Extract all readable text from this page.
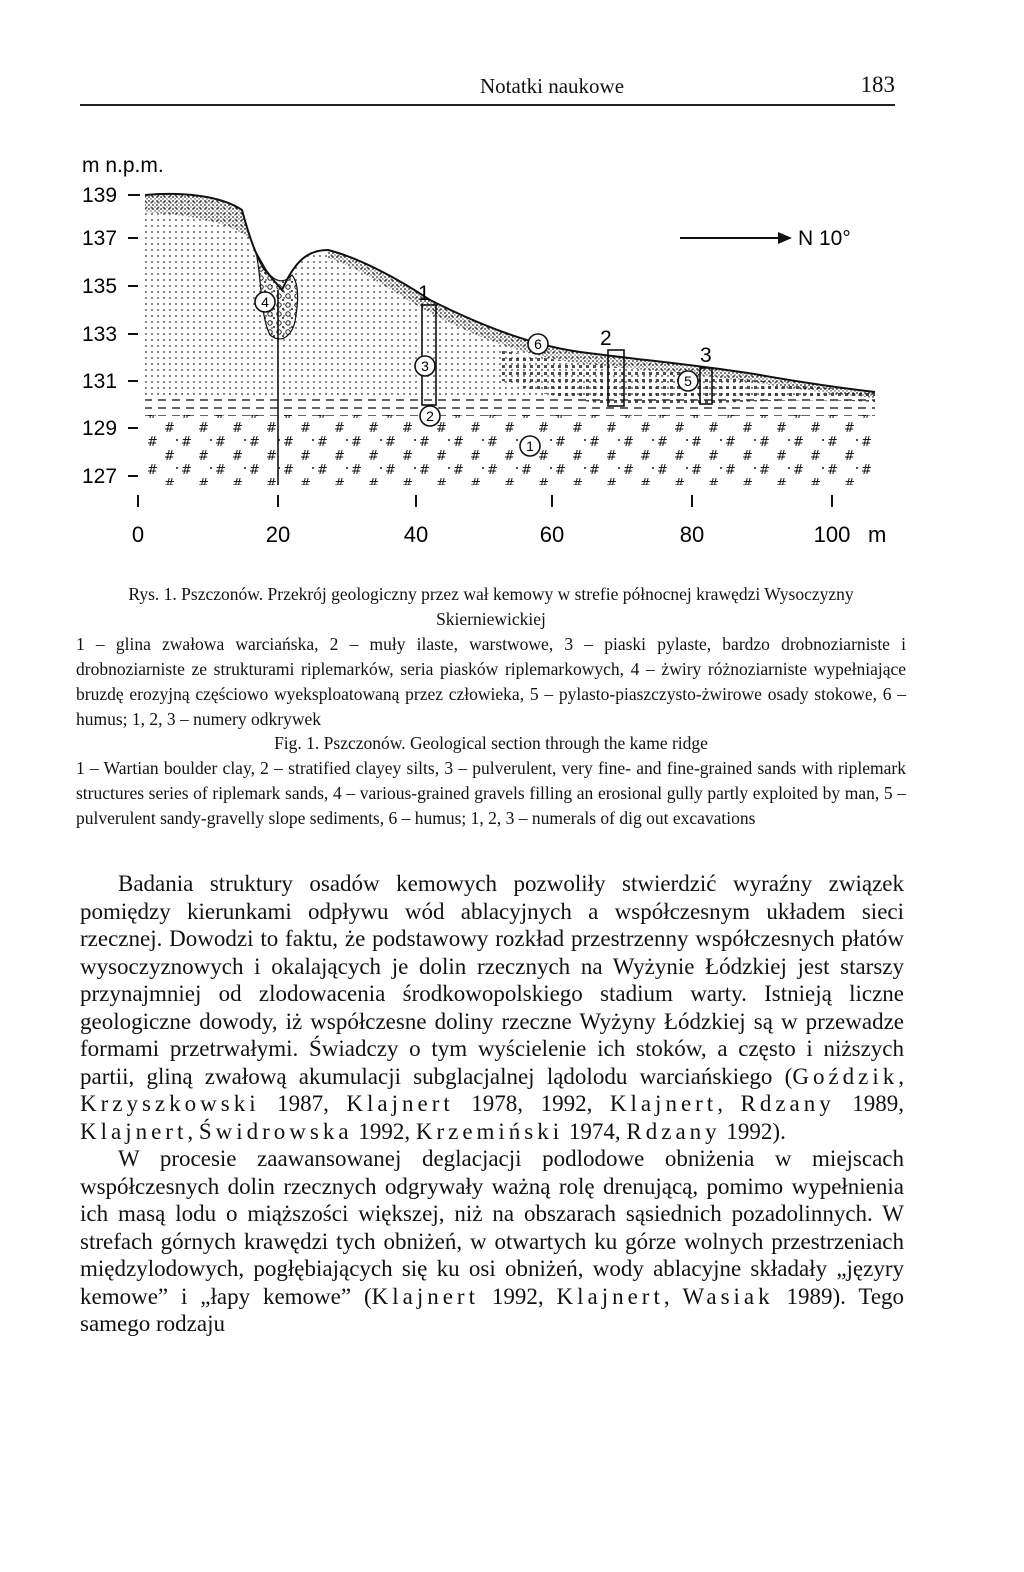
Notatki naukowe	183
m n.p.m.
139
137
135
133
131
129
127
1
2
3
1
2
3
4
5
6
N 10°
0	20	40	60	80	100 m
Rys. 1. Pszczonów. Przekrój geologiczny przez wał kemowy w strefie północnej krawędzi Wysoczyzny Skierniewickiej
1 – glina zwałowa warciańska, 2 – muły ilaste, warstwowe, 3 – piaski pylaste, bardzo drobnoziarniste i drobnoziarniste ze strukturami riplemarków, seria piasków riplemarkowych, 4 – żwiry różnoziarniste wypełniające bruzdę erozyjną częściowo wyeksploatowaną przez człowieka, 5 – pylasto-piaszczysto-żwirowe osady stokowe, 6 – humus; 1, 2, 3 – numery odkrywek
Fig. 1. Pszczonów. Geological section through the kame ridge
1 – Wartian boulder clay, 2 – stratified clayey silts, 3 – pulverulent, very fine- and fine-grained sands with riplemark structures series of riplemark sands, 4 – various-grained gravels filling an erosional gully partly exploited by man, 5 – pulverulent sandy-gravelly slope sediments, 6 – humus; 1, 2, 3 – numerals of dig out excavations

Badania struktury osadów kemowych pozwoliły stwierdzić wyraźny związek pomiędzy kierunkami odpływu wód ablacyjnych a współczesnym układem sieci rzecznej. Dowodzi to faktu, że podstawowy rozkład przestrzenny współczesnych płatów wysoczyznowych i okalających je dolin rzecznych na Wyżynie Łódzkiej jest starszy przynajmniej od zlodowacenia środkowopolskiego stadium warty. Istnieją liczne geologiczne dowody, iż współczesne doliny rzeczne Wyżyny Łódzkiej są w przewadze formami przetrwałymi. Świadczy o tym wyścielenie ich stoków, a często i niższych partii, gliną zwałową akumulacji subglacjalnej lądolodu warciańskiego (Goździk, Krzyszkowski 1987, Klajnert 1978, 1992, Klajnert, Rdzany 1989, Klajnert, Świdrowska 1992, Krzemiński 1974, Rdzany 1992).

W procesie zaawansowanej deglacjacji podlodowe obniżenia w miejscach współczesnych dolin rzecznych odgrywały ważną rolę drenującą, pomimo wypełnienia ich masą lodu o miąższości większej, niż na obszarach sąsiednich pozadolinnych. W strefach górnych krawędzi tych obniżeń, w otwartych ku górze wolnych przestrzeniach międzylodowych, pogłębiających się ku osi obniżeń, wody ablacyjne składały „języry kemowe” i „łapy kemowe” (Klajnert 1992, Klajnert, Wasiak 1989). Tego samego rodzaju
